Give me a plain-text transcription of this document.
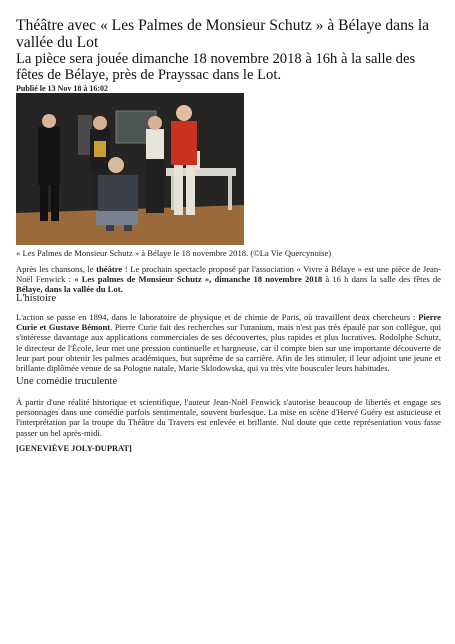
Théâtre avec « Les Palmes de Monsieur Schutz » à Bélaye dans la vallée du Lot
La pièce sera jouée dimanche 18 novembre 2018 à 16h à la salle des fêtes de Bélaye, près de Prayssac dans le Lot.
Publié le 13 Nov 18 à 16:02
« Les Palmes de Monsieur Schutz » à Bélaye le 18 novembre 2018. (©La Vie Quercynoise)
Après les chansons, le théâtre ! Le prochain spectacle proposé par l'association « Vivre à Bélaye » est une pièce de Jean-Noël Fenwick : « Les palmes de Monsieur Schutz », dimanche 18 novembre 2018 à 16 h dans la salle des fêtes de Bélaye, dans la vallée du Lot.
L'histoire
L'action se passe en 1894, dans le laboratoire de physique et de chimie de Paris, où travaillent deux chercheurs : Pierre Curie et Gustave Bémont. Pierre Curie fait des recherches sur l'uranium, mais n'est pas très épaulé par son collègue, qui s'intéresse davantage aux applications commerciales de ses découvertes, plus rapides et plus lucratives. Rodolphe Schutz, le directeur de l'École, leur met une pression continuelle et hargneuse, car il compte bien sur une importante découverte de leur part pour obtenir les palmes académiques, but suprême de sa carrière. Afin de les stimuler, il leur adjoint une jeune et brillante diplômée venue de sa Pologne natale, Marie Sklodowska, qui va très vite bousculer leurs habitudes.
Une comédie truculente
À partir d'une réalité historique et scientifique, l'auteur Jean-Noël Fenwick s'autorise beaucoup de libertés et engage ses personnages dans une comédie parfois sentimentale, souvent burlesque. La mise en scène d'Hervé Guéry est astucieuse et l'interprétation par la troupe du Théâtre du Travers est enlevée et brillante. Nul doute que cette représentation vous fasse passer un bel après-midi.
[GENEVIÈVE JOLY-DUPRAT]
